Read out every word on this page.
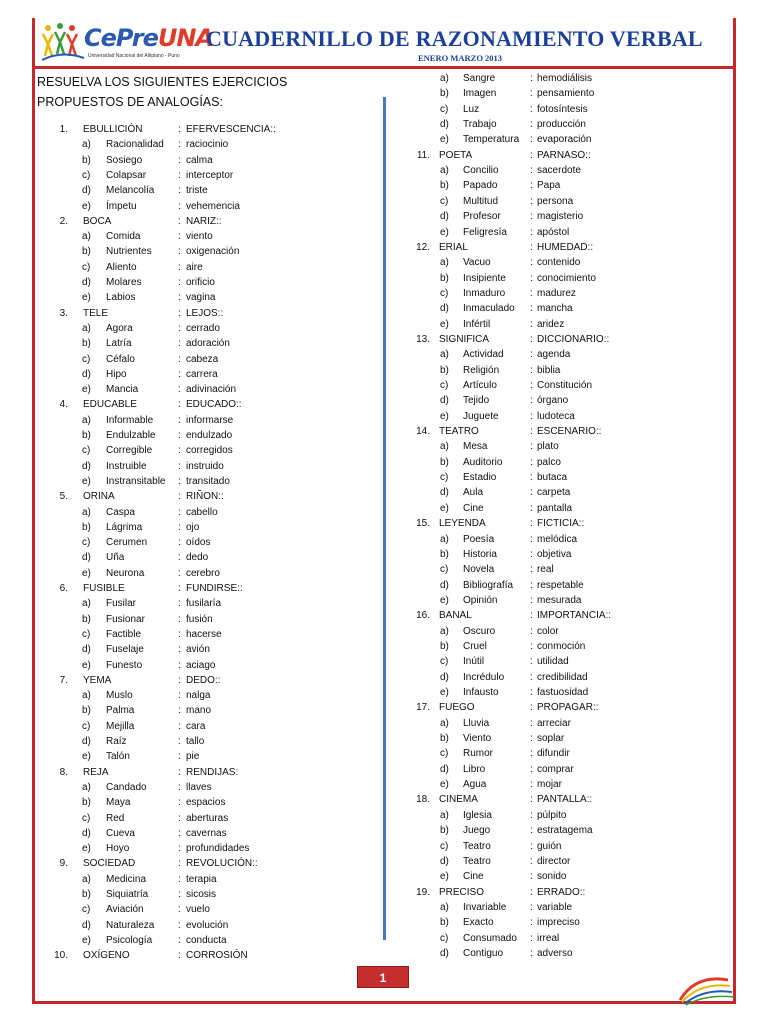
CePreUNA
Universidad Nacional del Altiplano - Puno
CUADERNILLO DE RAZONAMIENTO VERBAL
ENERO MARZO 2013
RESUELVA LOS SIGUIENTES EJERCICIOS PROPUESTOS DE ANALOGÍAS:
1. EBULLICIÓN	: EFERVESCENCIA::
a)	Racionalidad : raciocinio
b)	Sosiego	: calma
c)	Colapsar	: interceptor
d)	Melancolía : triste
e)	Ímpetu	: vehemencia
2. BOCA	: NARIZ::
a)	Comida	: viento
b)	Nutrientes	: oxigenación
c)	Aliento	: aire
d)	Molares	: orificio
e)	Labios	: vagina
3. TELE	: LEJOS::
a)	Agora	: cerrado
b)	Latría	: adoración
c)	Céfalo	: cabeza
d)	Hipo	: carrera
e)	Mancia	: adivinación
4. EDUCABLE	: EDUCADO::
a)	Informable : informarse
b)	Endulzable : endulzado
c)	Corregible	: corregidos
d)	Instruible	: instruido
e)	Instransitable : transitado
5. ORINA	: RIÑON::
a)	Caspa	: cabello
b)	Lágrima	: ojo
c)	Cerumen	: oídos
d)	Uña	: dedo
e)	Neurona	: cerebro
6. FUSIBLE	: FUNDIRSE::
a)	Fusilar	: fusilaría
b)	Fusionar	: fusión
c)	Factible	: hacerse
d)	Fuselaje	: avión
e)	Funesto	: aciago
7. YEMA	: DEDO::
a)	Muslo	: nalga
b)	Palma	: mano
c)	Mejilla	: cara
d)	Raíz	: tallo
e)	Talón	: pie
8. REJA	: RENDIJAS:
a)	Candado	: llaves
b)	Maya	: espacios
c)	Red	: aberturas
d)	Cueva	: cavernas
e)	Hoyo	: profundidades
9. SOCIEDAD	: REVOLUCIÓN::
a)	Medicina	: terapia
b)	Siquiatría	: sicosis
c)	Aviación	: vuelo
d)	Naturaleza : evolución
e)	Psicología	: conducta
10. OXÍGENO	: CORROSIÓN
a)	Sangre	: hemodiálisis
b)	Imagen	: pensamiento
c)	Luz	: fotosíntesis
d)	Trabajo	: producción
e)	Temperatura : evaporación
11. POETA	: PARNASO::
a)	Concilio	: sacerdote
b)	Papado	: Papa
c)	Multitud	: persona
d)	Profesor	: magisterio
e)	Feligresía : apóstol
12. ERIAL	: HUMEDAD::
a)	Vacuo	: contenido
b)	Insipiente : conocimiento
c)	Inmaduro : madurez
d)	Inmaculado : mancha
e)	Infértil	: aridez
13. SIGNIFICA	: DICCIONARIO::
a)	Actividad	: agenda
b)	Religión	: biblia
c)	Artículo	: Constitución
d)	Tejido	: órgano
e)	Juguete	: ludoteca
14. TEATRO	: ESCENARIO::
a)	Mesa	: plato
b)	Auditorio	: palco
c)	Estadio	: butaca
d)	Aula	: carpeta
e)	Cine	: pantalla
15. LEYENDA	: FICTICIA::
a)	Poesía	: melódica
b)	Historia	: objetiva
c)	Novela	: real
d)	Bibliografía : respetable
e)	Opinión	: mesurada
16. BANAL	: IMPORTANCIA::
a)	Oscuro	: color
b)	Cruel	: conmoción
c)	Inútil	: utilidad
d)	Incrédulo	: credibilidad
e)	Infausto	: fastuosidad
17. FUEGO	: PROPAGAR::
a)	Lluvia	: arreciar
b)	Viento	: soplar
c)	Rumor	: difundir
d)	Libro	: comprar
e)	Agua	: mojar
18. CINEMA	: PANTALLA::
a)	Iglesia	: púlpito
b)	Juego	: estratagema
c)	Teatro	: guión
d)	Teatro	: director
e)	Cine	: sonido
19. PRECISO	: ERRADO::
a)	Invariable : variable
b)	Exacto	: impreciso
c)	Consumado : irreal
d)	Contiguo	: adverso
1
